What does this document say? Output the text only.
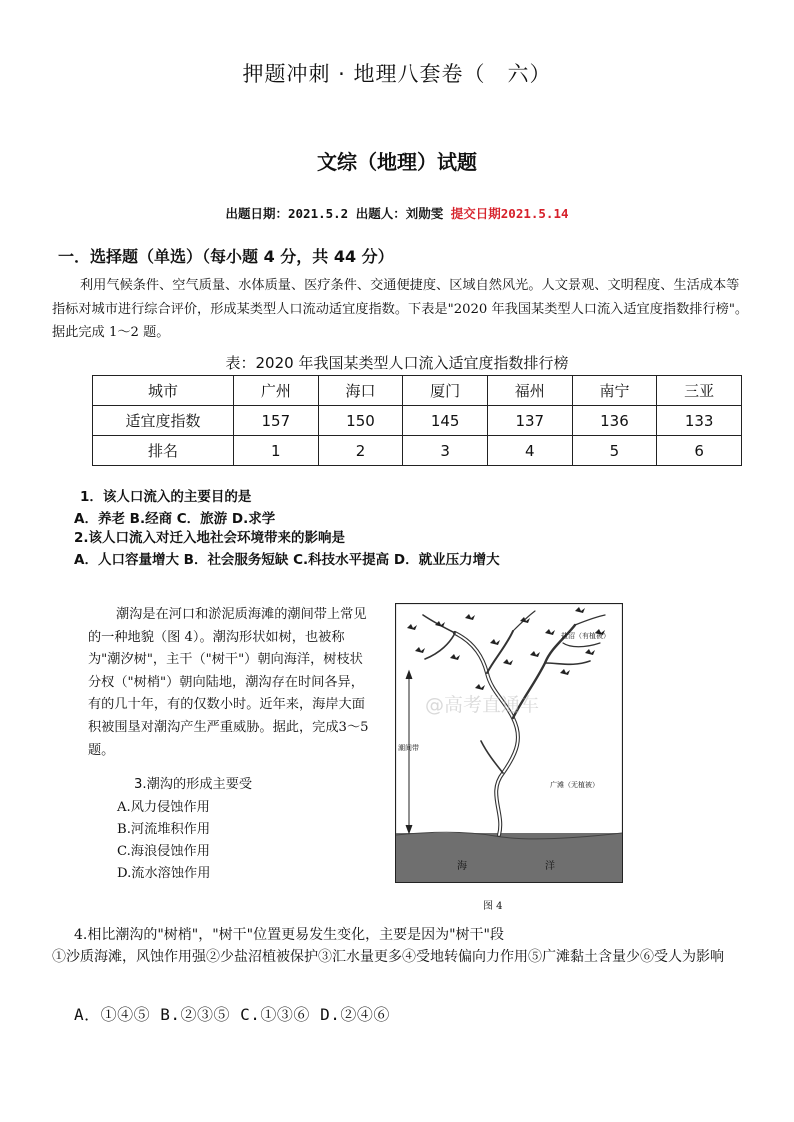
押题冲刺 · 地理八套卷（　六）
文综（地理）试题
出题日期：2021.5.2 出题人：刘勋雯 提交日期2021.5.14
一．选择题（单选）（每小题 4 分，共 44 分）
利用气候条件、空气质量、水体质量、医疗条件、交通便捷度、区域自然风光。人文景观、文明程度、生活成本等指标对城市进行综合评价，形成某类型人口流动适宜度指数。下表是"2020 年我国某类型人口流入适宜度指数排行榜"。据此完成 1～2 题。
表：2020 年我国某类型人口流入适宜度指数排行榜
城市	广州	海口	厦门	福州	南宁	三亚
适宜度指数	157	150	145	137	136	133
排名	1	2	3	4	5	6
1．该人口流入的主要目的是
A．养老 B.经商 C．旅游 D.求学
2.该人口流入对迁入地社会环境带来的影响是
A．人口容量增大 B．社会服务短缺 C.科技水平提高 D．就业压力增大
潮沟是在河口和淤泥质海滩的潮间带上常见的一种地貌（图 4）。潮沟形状如树，也被称为"潮汐树"，主干（"树干"）朝向海洋，树枝状分杈（"树梢"）朝向陆地，潮沟存在时间各异，有的几十年，有的仅数小时。近年来，海岸大面积被围垦对潮沟产生严重威胁。据此，完成3～5 题。
3.潮沟的形成主要受
A.风力侵蚀作用
B.河流堆积作用
C.海浪侵蚀作用
D.流水溶蚀作用
潮间带
盐沼（有植被）
广滩（无植被）
海	洋
@高考直通车
图 4
4.相比潮沟的"树梢"，"树干"位置更易发生变化，主要是因为"树干"段
①沙质海滩，风蚀作用强②少盐沼植被保护③汇水量更多④受地转偏向力作用⑤广滩黏土含量少⑥受人为影响
A．①④⑤ B.②③⑤ C.①③⑥ D.②④⑥
